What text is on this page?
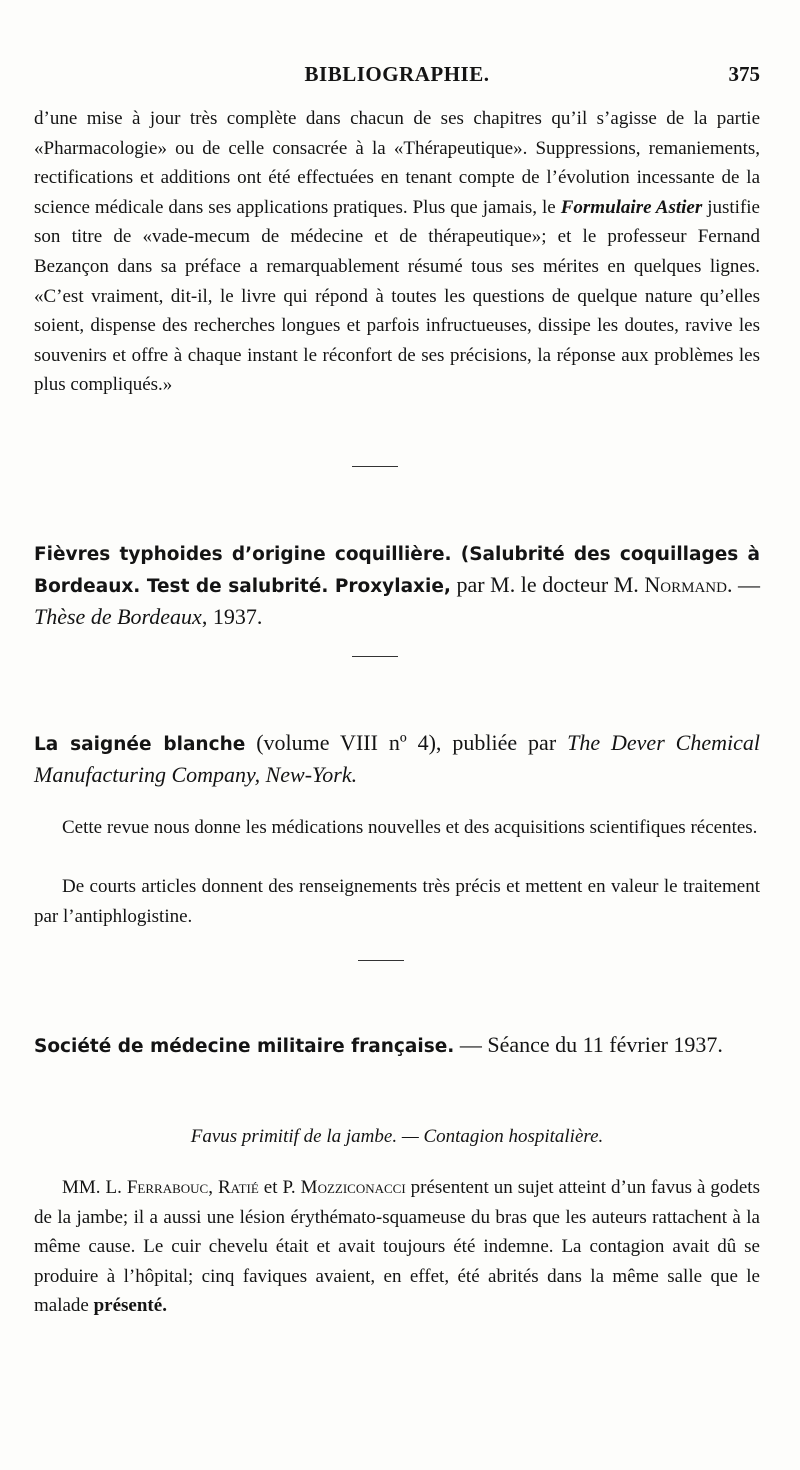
BIBLIOGRAPHIE.	375

d’une mise à jour très complète dans chacun de ses chapitres qu’il s’agisse de la partie «Pharmacologie» ou de celle consacrée à la «Thérapeutique». Suppressions, remaniements, rectifications et additions ont été effectuées en tenant compte de l’évolution incessante de la science médicale dans ses applications pratiques. Plus que jamais, le Formulaire Astier justifie son titre de «vade-mecum de médecine et de thérapeutique»; et le professeur Fernand Bezançon dans sa préface a remarquablement résumé tous ses mérites en quelques lignes. «C’est vraiment, dit-il, le livre qui répond à toutes les questions de quelque nature qu’elles soient, dispense des recherches longues et parfois infructueuses, dissipe les doutes, ravive les souvenirs et offre à chaque instant le réconfort de ses précisions, la réponse aux problèmes les plus compliqués.»

Fièvres typhoides d’origine coquillière. (Salubrité des coquillages à Bordeaux. Test de salubrité. Proxylaxie, par M. le docteur M. Normand. — Thèse de Bordeaux, 1937.

La saignée blanche (volume VIII nº 4), publiée par The Dever Chemical Manufacturing Company, New-York.

Cette revue nous donne les médications nouvelles et des acquisitions scientifiques récentes.

De courts articles donnent des renseignements très précis et mettent en valeur le traitement par l’antiphlogistine.

Société de médecine militaire française. — Séance du 11 février 1937.

Favus primitif de la jambe. — Contagion hospitalière.

MM. L. Ferrabouc, Ratié et P. Mozziconacci présentent un sujet atteint d’un favus à godets de la jambe; il a aussi une lésion érythémato-squameuse du bras que les auteurs rattachent à la même cause. Le cuir chevelu était et avait toujours été indemne. La contagion avait dû se produire à l’hôpital; cinq faviques avaient, en effet, été abrités dans la même salle que le malade présenté.
